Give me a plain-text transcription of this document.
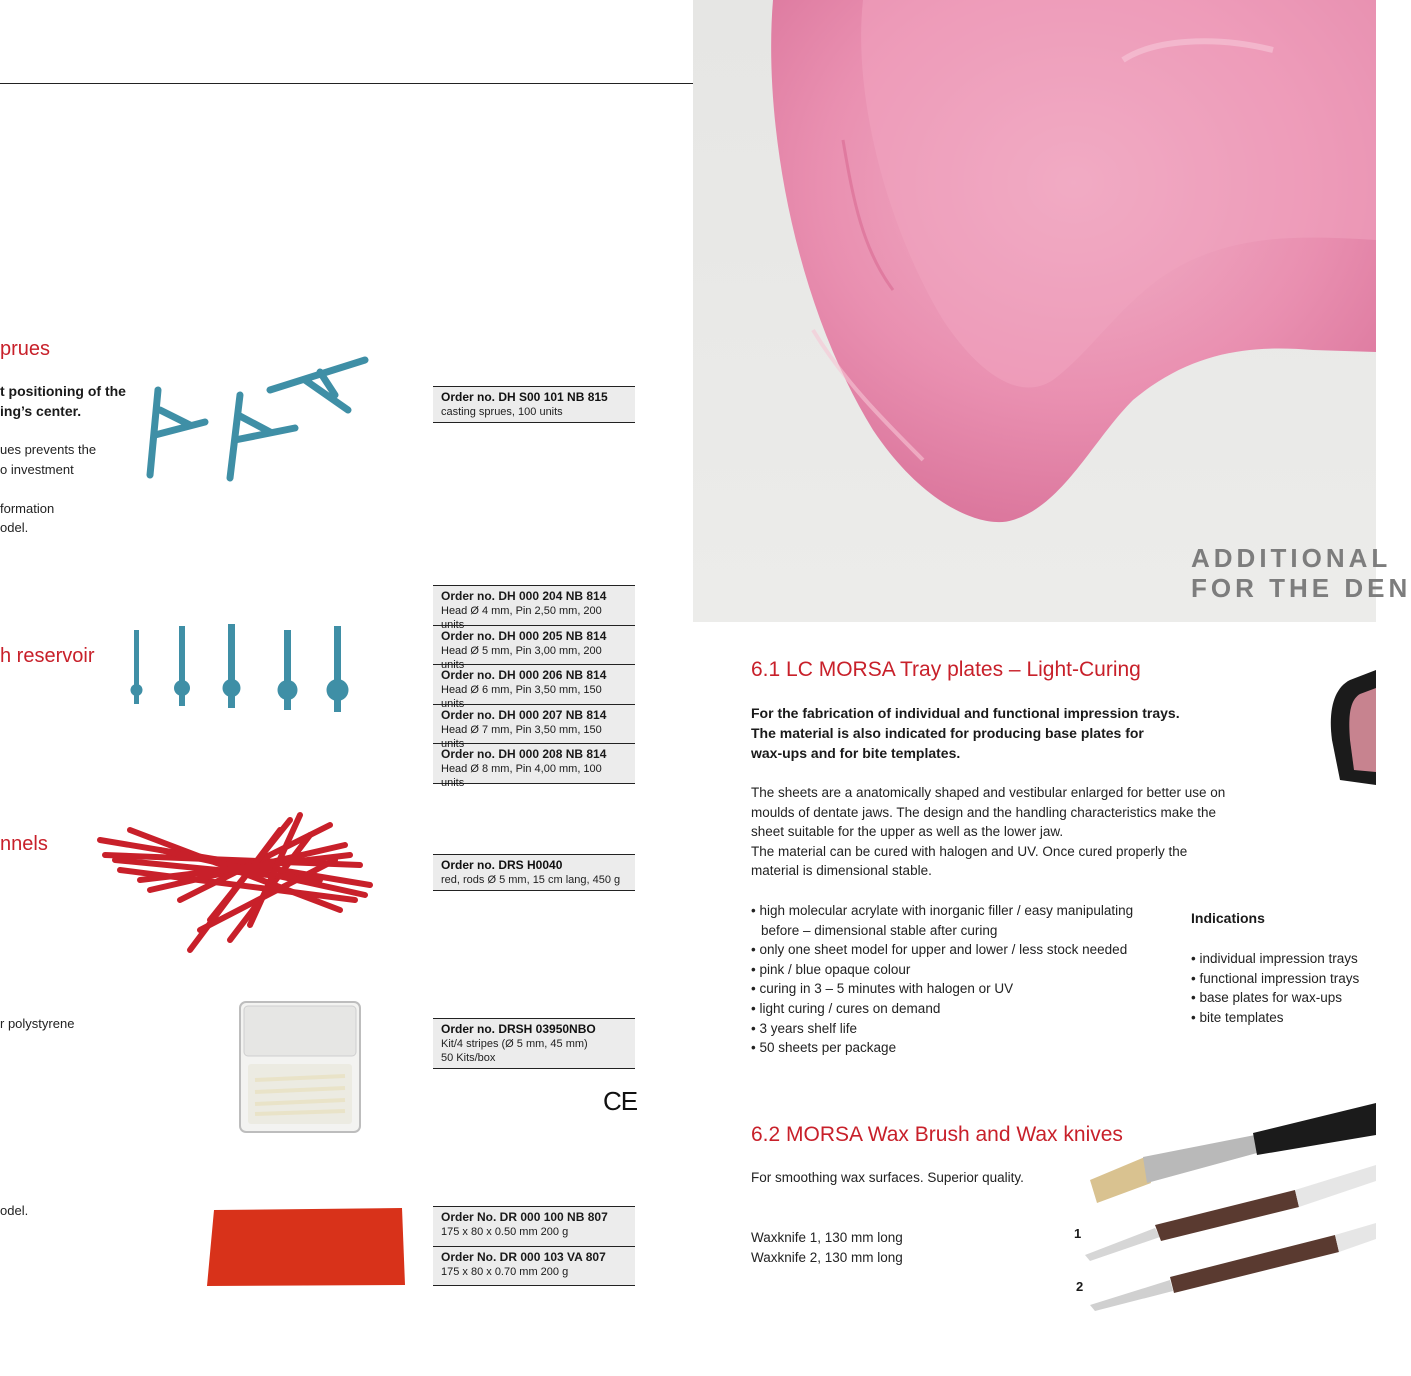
ADDITIONAL
FOR THE DEN
prues
t positioning of the
ing’s center.
ues prevents the
o investment
formation
odel.
Order no. DH S00 101 NB 815
casting sprues, 100 units
h reservoir
Order no. DH 000 204 NB 814
Head Ø 4 mm, Pin 2,50 mm, 200 units
Order no. DH 000 205 NB 814
Head Ø 5 mm, Pin 3,00 mm, 200 units
Order no. DH 000 206 NB 814
Head Ø 6 mm, Pin 3,50 mm, 150 units
Order no. DH 000 207 NB 814
Head Ø 7 mm, Pin 3,50 mm, 150 units
Order no. DH 000 208 NB 814
Head Ø 8 mm, Pin 4,00 mm, 100 units
nnels
Order no. DRS H0040
red, rods Ø 5 mm, 15 cm lang, 450 g
r polystyrene	Order no. DRSH 03950NBO
Kit/4 stripes (Ø 5 mm, 45 mm)
50 Kits/box
CE
odel.	Order No. DR 000 100 NB 807
175 x 80 x 0.50 mm 200 g
Order No. DR 000 103 VA 807
175 x 80 x 0.70 mm 200 g
6.1 LC MORSA Tray plates – Light-Curing
For the fabrication of individual and functional impression trays.
The material is also indicated for producing base plates for
wax-ups and for bite templates.
The sheets are a anatomically shaped and vestibular enlarged for better use on
moulds of dentate jaws. The design and the handling characteristics make the
sheet suitable for the upper as well as the lower jaw.
The material can be cured with halogen and UV. Once cured properly the
material is dimensional stable.
• high molecular acrylate with inorganic filler / easy manipulating
before – dimensional stable after curing
• only one sheet model for upper and lower / less stock needed
• pink / blue opaque colour
• curing in 3 – 5 minutes with halogen or UV
• light curing / cures on demand
• 3 years shelf life
• 50 sheets per package
Indications
• individual impression trays
• functional impression trays
• base plates for wax-ups
• bite templates
6.2 MORSA Wax Brush and Wax knives
For smoothing wax surfaces. Superior quality.
Waxknife 1, 130 mm long
Waxknife 2, 130 mm long
1
2
